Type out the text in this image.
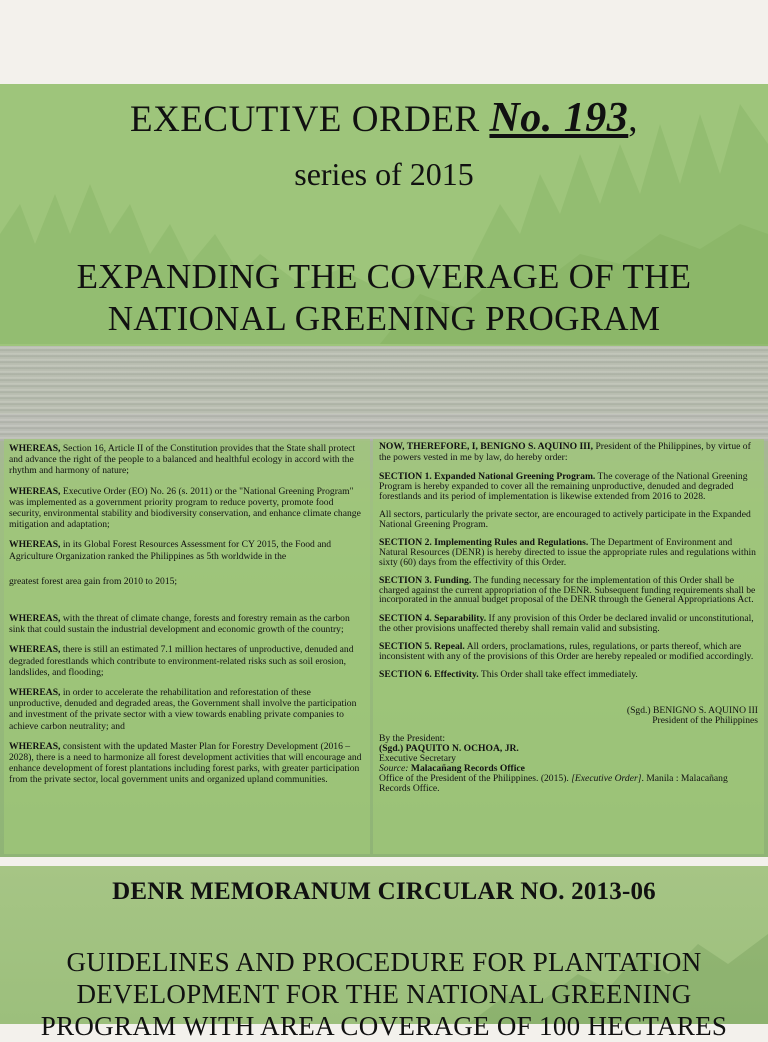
EXECUTIVE ORDER No. 193,
series of 2015
EXPANDING THE COVERAGE OF THE NATIONAL GREENING PROGRAM

WHEREAS, Section 16, Article II of the Constitution provides that the State shall protect and advance the right of the people to a balanced and healthful ecology in accord with the rhythm and harmony of nature;

WHEREAS, Executive Order (EO) No. 26 (s. 2011) or the "National Greening Program" was implemented as a government priority program to reduce poverty, promote food security, environmental stability and biodiversity conservation, and enhance climate change mitigation and adaptation;

WHEREAS, in its Global Forest Resources Assessment for CY 2015, the Food and Agriculture Organization ranked the Philippines as 5th worldwide in the

greatest forest area gain from 2010 to 2015;

WHEREAS, with the threat of climate change, forests and forestry remain as the carbon sink that could sustain the industrial development and economic growth of the country;

WHEREAS, there is still an estimated 7.1 million hectares of unproductive, denuded and degraded forestlands which contribute to environment-related risks such as soil erosion, landslides, and flooding;

WHEREAS, in order to accelerate the rehabilitation and reforestation of these unproductive, denuded and degraded areas, the Government shall involve the participation and investment of the private sector with a view towards enabling private companies to achieve carbon neutrality; and

WHEREAS, consistent with the updated Master Plan for Forestry Development (2016 – 2028), there is a need to harmonize all forest development activities that will encourage and enhance development of forest plantations including forest parks, with greater participation from the private sector, local government units and organized upland communities.

NOW, THEREFORE, I, BENIGNO S. AQUINO III, President of the Philippines, by virtue of the powers vested in me by law, do hereby order:

SECTION 1. Expanded National Greening Program. The coverage of the National Greening Program is hereby expanded to cover all the remaining unproductive, denuded and degraded forestlands and its period of implementation is likewise extended from 2016 to 2028.

All sectors, particularly the private sector, are encouraged to actively participate in the Expanded National Greening Program.

SECTION 2. Implementing Rules and Regulations. The Department of Environment and Natural Resources (DENR) is hereby directed to issue the appropriate rules and regulations within sixty (60) days from the effectivity of this Order.

SECTION 3. Funding. The funding necessary for the implementation of this Order shall be charged against the current appropriation of the DENR. Subsequent funding requirements shall be incorporated in the annual budget proposal of the DENR through the General Appropriations Act.

SECTION 4. Separability. If any provision of this Order be declared invalid or unconstitutional, the other provisions unaffected thereby shall remain valid and subsisting.

SECTION 5. Repeal. All orders, proclamations, rules, regulations, or parts thereof, which are inconsistent with any of the provisions of this Order are hereby repealed or modified accordingly.

SECTION 6. Effectivity. This Order shall take effect immediately.

(Sgd.) BENIGNO S. AQUINO III
President of the Philippines
By the President:
(Sgd.) PAQUITO N. OCHOA, JR.
Executive Secretary
Source: Malacañang Records Office
Office of the President of the Philippines. (2015). [Executive Order]. Manila : Malacañang Records Office.
DENR MEMORANUM CIRCULAR NO. 2013-06
GUIDELINES AND PROCEDURE FOR PLANTATION DEVELOPMENT FOR THE NATIONAL GREENING PROGRAM WITH AREA COVERAGE OF 100 HECTARES
